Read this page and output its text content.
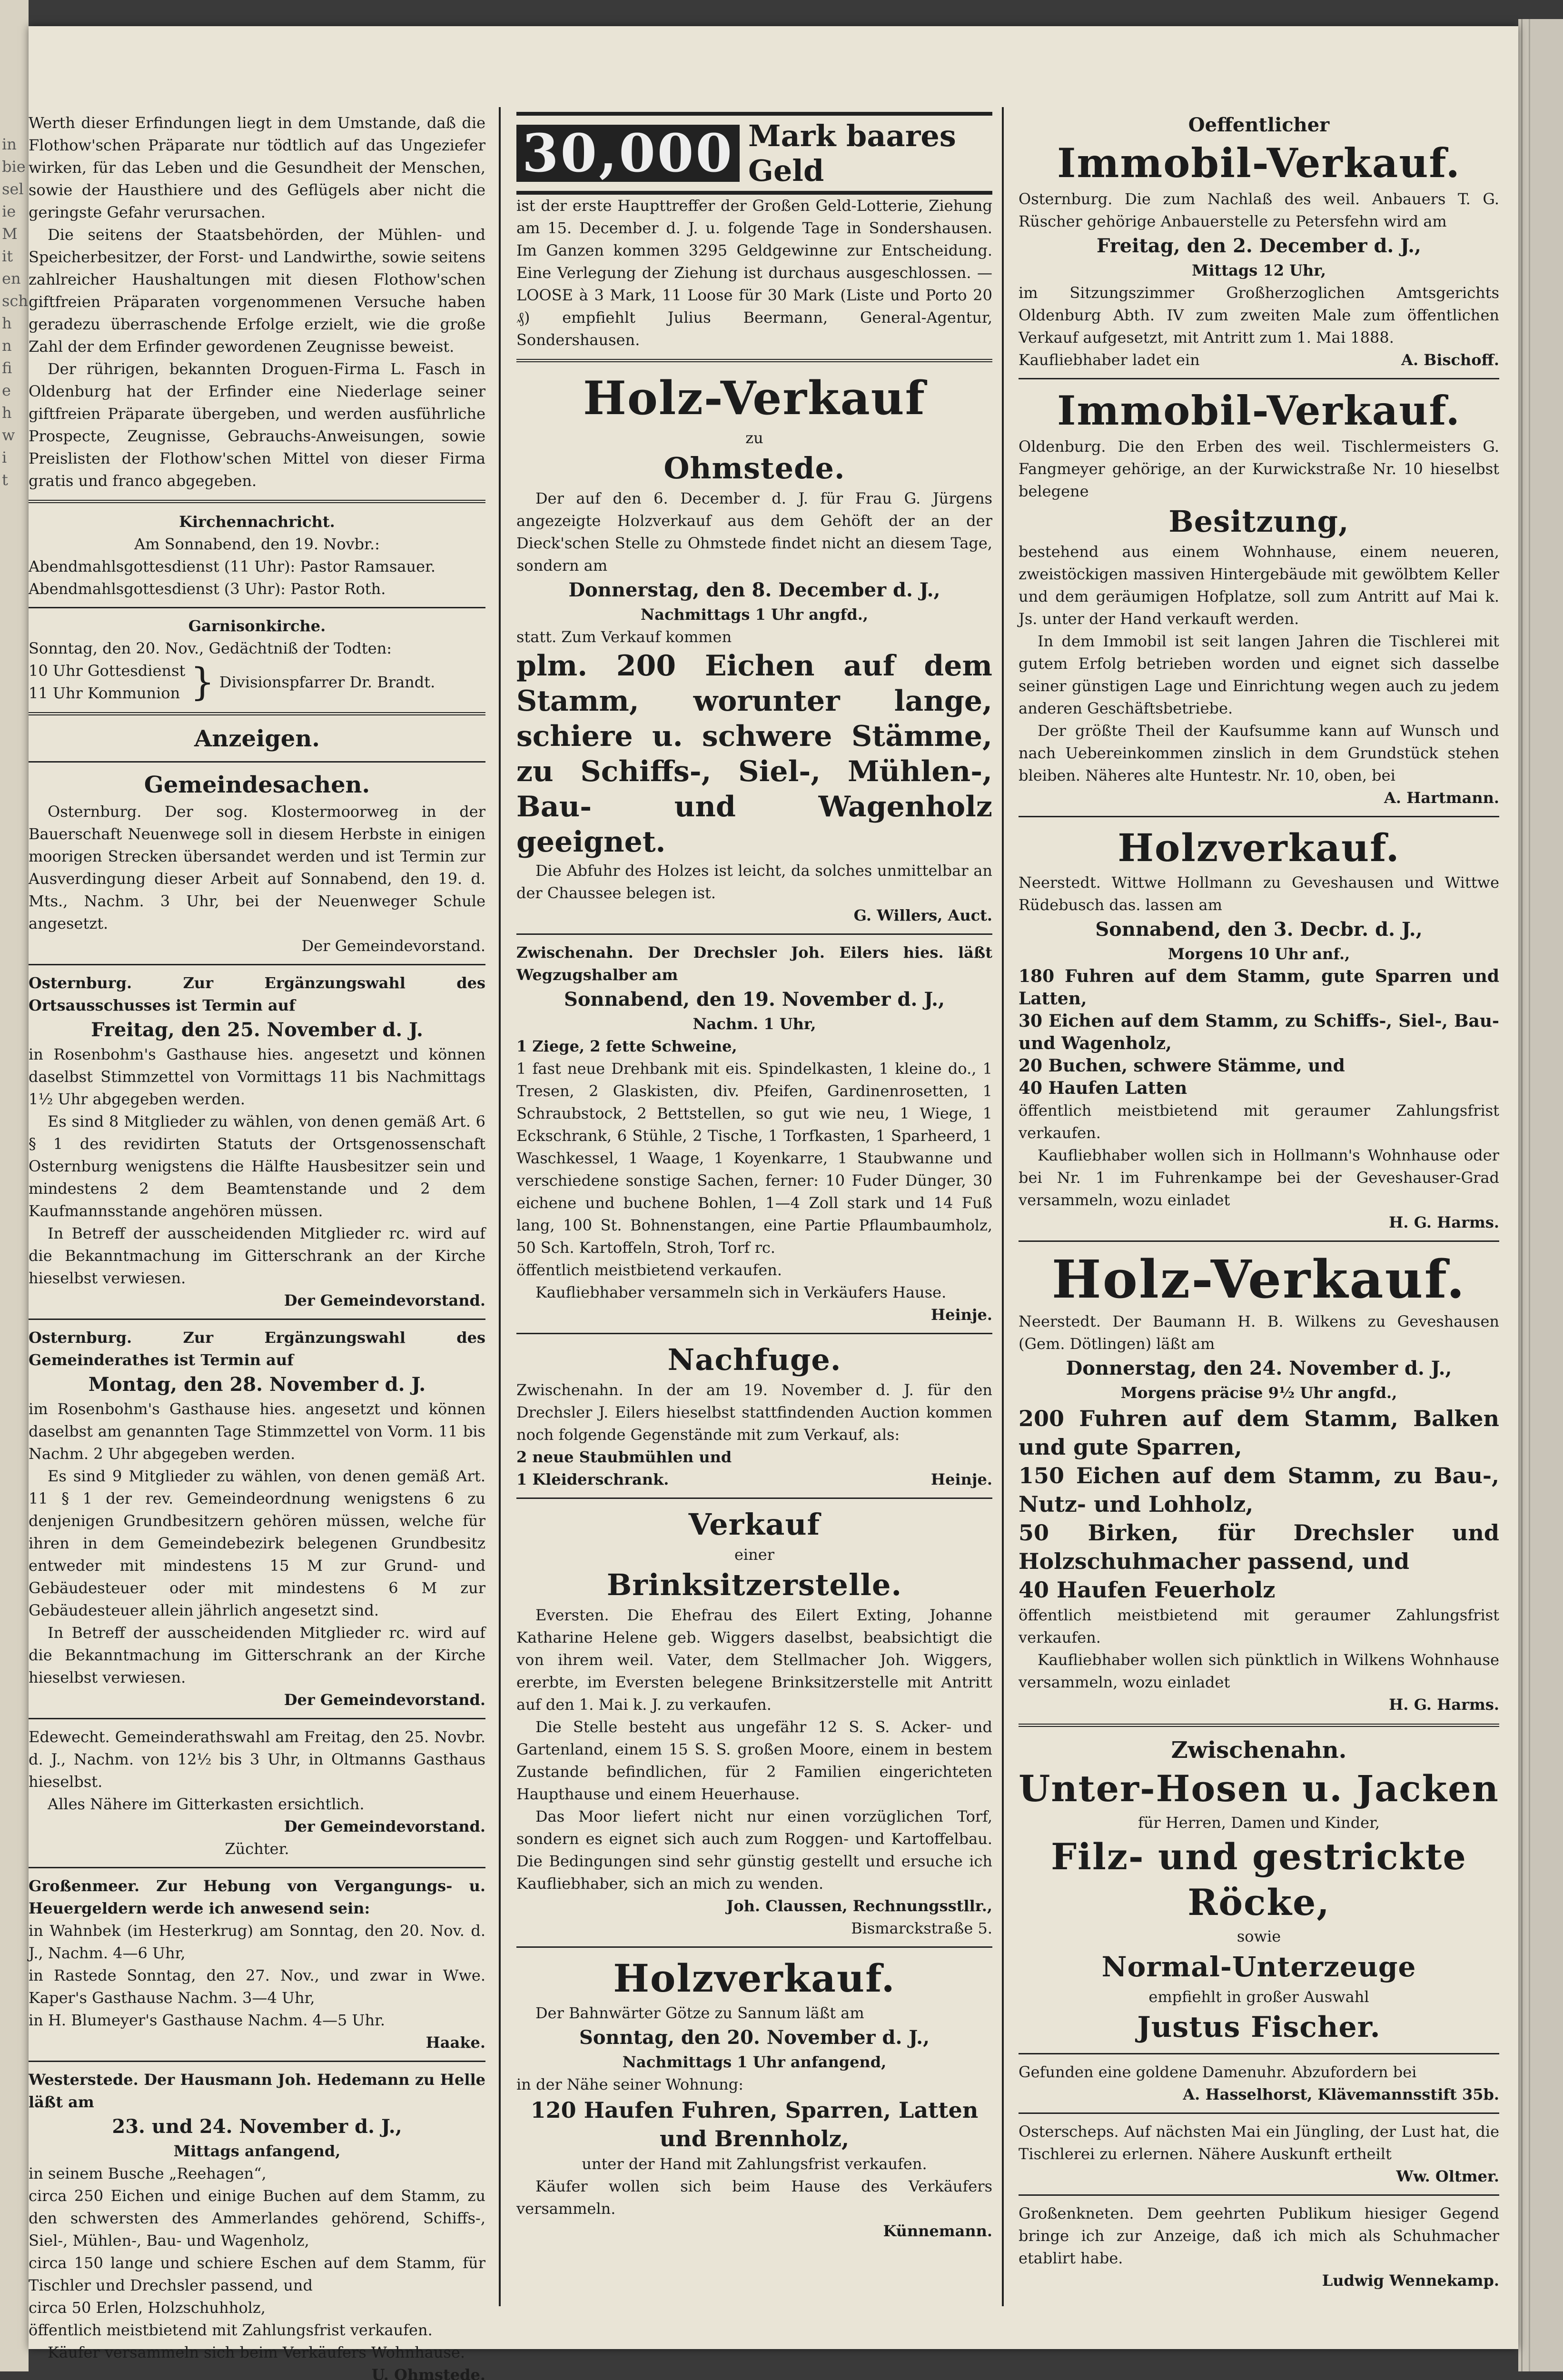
in
bie
sel
ie
M
it
en
sch
h
n
fi
e
h
w
i
t

Werth dieser Erfindungen liegt in dem Umstande, daß die Flothow'schen Präparate nur tödtlich auf das Ungeziefer wirken, für das Leben und die Gesundheit der Menschen, sowie der Hausthiere und des Geflügels aber nicht die geringste Gefahr verursachen.

Die seitens der Staatsbehörden, der Mühlen- und Speicherbesitzer, der Forst- und Landwirthe, sowie seitens zahlreicher Haushaltungen mit diesen Flothow'schen giftfreien Präparaten vorgenommenen Versuche haben geradezu überraschende Erfolge erzielt, wie die große Zahl der dem Erfinder gewordenen Zeugnisse beweist.

Der rührigen, bekannten Droguen-Firma L. Fasch in Oldenburg hat der Erfinder eine Niederlage seiner giftfreien Präparate übergeben, und werden ausführliche Prospecte, Zeugnisse, Gebrauchs-Anweisungen, sowie Preislisten der Flothow'schen Mittel von dieser Firma gratis und franco abgegeben.

Kirchennachricht.

Am Sonnabend, den 19. Novbr.:

Abendmahlsgottesdienst (11 Uhr): Pastor Ramsauer.

Abendmahlsgottesdienst (3 Uhr): Pastor Roth.

Garnisonkirche.

Sonntag, den 20. Nov., Gedächtniß der Todten:

10 Uhr Gottesdienst

11 Uhr Kommunion } Divisionspfarrer Dr. Brandt.

Anzeigen.

Gemeindesachen.

Osternburg. Der sog. Klostermoorweg in der Bauerschaft Neuenwege soll in diesem Herbste in einigen moorigen Strecken übersandet werden und ist Termin zur Ausverdingung dieser Arbeit auf Sonnabend, den 19. d. Mts., Nachm. 3 Uhr, bei der Neuenweger Schule angesetzt.

Der Gemeindevorstand.

Osternburg. Zur Ergänzungswahl des Ortsausschusses ist Termin auf

Freitag, den 25. November d. J.

in Rosenbohm's Gasthause hies. angesetzt und können daselbst Stimmzettel von Vormittags 11 bis Nachmittags 1½ Uhr abgegeben werden.

Es sind 8 Mitglieder zu wählen, von denen gemäß Art. 6 § 1 des revidirten Statuts der Ortsgenossenschaft Osternburg wenigstens die Hälfte Hausbesitzer sein und mindestens 2 dem Beamtenstande und 2 dem Kaufmannsstande angehören müssen.

In Betreff der ausscheidenden Mitglieder rc. wird auf die Bekanntmachung im Gitterschrank an der Kirche hieselbst verwiesen.

Der Gemeindevorstand.

Osternburg. Zur Ergänzungswahl des Gemeinderathes ist Termin auf

Montag, den 28. November d. J.

im Rosenbohm's Gasthause hies. angesetzt und können daselbst am genannten Tage Stimmzettel von Vorm. 11 bis Nachm. 2 Uhr abgegeben werden.

Es sind 9 Mitglieder zu wählen, von denen gemäß Art. 11 § 1 der rev. Gemeindeordnung wenigstens 6 zu denjenigen Grundbesitzern gehören müssen, welche für ihren in dem Gemeindebezirk belegenen Grundbesitz entweder mit mindestens 15 M zur Grund- und Gebäudesteuer oder mit mindestens 6 M zur Gebäudesteuer allein jährlich angesetzt sind.

In Betreff der ausscheidenden Mitglieder rc. wird auf die Bekanntmachung im Gitterschrank an der Kirche hieselbst verwiesen.

Der Gemeindevorstand.

Edewecht. Gemeinderathswahl am Freitag, den 25. Novbr. d. J., Nachm. von 12½ bis 3 Uhr, in Oltmanns Gasthaus hieselbst.

Alles Nähere im Gitterkasten ersichtlich.

Der Gemeindevorstand.

Züchter.

Großenmeer. Zur Hebung von Vergangungs- u. Heuergeldern werde ich anwesend sein:

in Wahnbek (im Hesterkrug) am Sonntag, den 20. Nov. d. J., Nachm. 4—6 Uhr,

in Rastede Sonntag, den 27. Nov., und zwar in Wwe. Kaper's Gasthause Nachm. 3—4 Uhr,

in H. Blumeyer's Gasthause Nachm. 4—5 Uhr.

Haake.

Westerstede. Der Hausmann Joh. Hedemann zu Helle läßt am

23. und 24. November d. J.,

Mittags anfangend,

in seinem Busche „Reehagen“,

circa 250 Eichen und einige Buchen auf dem Stamm, zu den schwersten des Ammerlandes gehörend, Schiffs-, Siel-, Mühlen-, Bau- und Wagenholz,

circa 150 lange und schiere Eschen auf dem Stamm, für Tischler und Drechsler passend, und

circa 50 Erlen, Holzschuhholz,

öffentlich meistbietend mit Zahlungsfrist verkaufen.

Käufer versammeln sich beim Verkäufers Wohnhause.

U. Ohmstede.

30,000 Mark baares Geld

ist der erste Haupttreffer der Großen Geld-Lotterie, Ziehung am 15. December d. J. u. folgende Tage in Sondershausen. Im Ganzen kommen 3295 Geldgewinne zur Entscheidung. Eine Verlegung der Ziehung ist durchaus ausgeschlossen. — LOOSE à 3 Mark, 11 Loose für 30 Mark (Liste und Porto 20 ₰) empfiehlt Julius Beermann, General-Agentur, Sondershausen.

Holz-Verkauf

zu

Ohmstede.

Der auf den 6. December d. J. für Frau G. Jürgens angezeigte Holzverkauf aus dem Gehöft der an der Dieck'schen Stelle zu Ohmstede findet nicht an diesem Tage, sondern am

Donnerstag, den 8. December d. J.,

Nachmittags 1 Uhr angfd.,

statt. Zum Verkauf kommen

plm. 200 Eichen auf dem Stamm, worunter lange, schiere u. schwere Stämme, zu Schiffs-, Siel-, Mühlen-, Bau- und Wagenholz geeignet.

Die Abfuhr des Holzes ist leicht, da solches unmittelbar an der Chaussee belegen ist.

G. Willers, Auct.

Zwischenahn. Der Drechsler Joh. Eilers hies. läßt Wegzugshalber am

Sonnabend, den 19. November d. J.,

Nachm. 1 Uhr,

1 Ziege, 2 fette Schweine,

1 fast neue Drehbank mit eis. Spindelkasten, 1 kleine do., 1 Tresen, 2 Glaskisten, div. Pfeifen, Gardinenrosetten, 1 Schraubstock, 2 Bettstellen, so gut wie neu, 1 Wiege, 1 Eckschrank, 6 Stühle, 2 Tische, 1 Torfkasten, 1 Sparheerd, 1 Waschkessel, 1 Waage, 1 Koyenkarre, 1 Staubwanne und verschiedene sonstige Sachen, ferner: 10 Fuder Dünger, 30 eichene und buchene Bohlen, 1—4 Zoll stark und 14 Fuß lang, 100 St. Bohnenstangen, eine Partie Pflaumbaumholz, 50 Sch. Kartoffeln, Stroh, Torf rc.

öffentlich meistbietend verkaufen.

Kaufliebhaber versammeln sich in Verkäufers Hause.

Heinje.

Nachfuge.

Zwischenahn. In der am 19. November d. J. für den Drechsler J. Eilers hieselbst stattfindenden Auction kommen noch folgende Gegenstände mit zum Verkauf, als:

2 neue Staubmühlen und

1 Kleiderschrank.	Heinje.

Verkauf

einer

Brinksitzerstelle.

Eversten. Die Ehefrau des Eilert Exting, Johanne Katharine Helene geb. Wiggers daselbst, beabsichtigt die von ihrem weil. Vater, dem Stellmacher Joh. Wiggers, ererbte, im Eversten belegene Brinksitzerstelle mit Antritt auf den 1. Mai k. J. zu verkaufen.

Die Stelle besteht aus ungefähr 12 S. S. Acker- und Gartenland, einem 15 S. S. großen Moore, einem in bestem Zustande befindlichen, für 2 Familien eingerichteten Haupthause und einem Heuerhause.

Das Moor liefert nicht nur einen vorzüglichen Torf, sondern es eignet sich auch zum Roggen- und Kartoffelbau. Die Bedingungen sind sehr günstig gestellt und ersuche ich Kaufliebhaber, sich an mich zu wenden.

Joh. Claussen, Rechnungsstllr.,

Bismarckstraße 5.

Holzverkauf.

Der Bahnwärter Götze zu Sannum läßt am

Sonntag, den 20. November d. J.,

Nachmittags 1 Uhr anfangend,

in der Nähe seiner Wohnung:

120 Haufen Fuhren, Sparren, Latten und Brennholz,

unter der Hand mit Zahlungsfrist verkaufen.

Käufer wollen sich beim Hause des Verkäufers versammeln.

Künnemann.

Oeffentlicher

Immobil-Verkauf.

Osternburg. Die zum Nachlaß des weil. Anbauers T. G. Rüscher gehörige Anbauerstelle zu Petersfehn wird am

Freitag, den 2. December d. J.,

Mittags 12 Uhr,

im Sitzungszimmer Großherzoglichen Amtsgerichts Oldenburg Abth. IV zum zweiten Male zum öffentlichen Verkauf aufgesetzt, mit Antritt zum 1. Mai 1888.

Kaufliebhaber ladet ein	A. Bischoff.

Immobil-Verkauf.

Oldenburg. Die den Erben des weil. Tischlermeisters G. Fangmeyer gehörige, an der Kurwickstraße Nr. 10 hieselbst belegene

Besitzung,

bestehend aus einem Wohnhause, einem neueren, zweistöckigen massiven Hintergebäude mit gewölbtem Keller und dem geräumigen Hofplatze, soll zum Antritt auf Mai k. Js. unter der Hand verkauft werden.

In dem Immobil ist seit langen Jahren die Tischlerei mit gutem Erfolg betrieben worden und eignet sich dasselbe seiner günstigen Lage und Einrichtung wegen auch zu jedem anderen Geschäftsbetriebe.

Der größte Theil der Kaufsumme kann auf Wunsch und nach Uebereinkommen zinslich in dem Grundstück stehen bleiben. Näheres alte Huntestr. Nr. 10, oben, bei

A. Hartmann.

Holzverkauf.

Neerstedt. Wittwe Hollmann zu Geveshausen und Wittwe Rüdebusch das. lassen am

Sonnabend, den 3. Decbr. d. J.,

Morgens 10 Uhr anf.,

180 Fuhren auf dem Stamm, gute Sparren und Latten,

30 Eichen auf dem Stamm, zu Schiffs-, Siel-, Bau- und Wagenholz,

20 Buchen, schwere Stämme, und

40 Haufen Latten

öffentlich meistbietend mit geraumer Zahlungsfrist verkaufen.

Kaufliebhaber wollen sich in Hollmann's Wohnhause oder bei Nr. 1 im Fuhrenkampe bei der Geveshauser-Grad versammeln, wozu einladet

H. G. Harms.

Holz-Verkauf.

Neerstedt. Der Baumann H. B. Wilkens zu Geveshausen (Gem. Dötlingen) läßt am

Donnerstag, den 24. November d. J.,

Morgens präcise 9½ Uhr angfd.,

200 Fuhren auf dem Stamm, Balken und gute Sparren,

150 Eichen auf dem Stamm, zu Bau-, Nutz- und Lohholz,

50 Birken, für Drechsler und Holzschuhmacher passend, und

40 Haufen Feuerholz

öffentlich meistbietend mit geraumer Zahlungsfrist verkaufen.

Kaufliebhaber wollen sich pünktlich in Wilkens Wohnhause versammeln, wozu einladet

H. G. Harms.

Zwischenahn.

Unter-Hosen u. Jacken

für Herren, Damen und Kinder,

Filz- und gestrickte Röcke,

sowie

Normal-Unterzeuge

empfiehlt in großer Auswahl

Justus Fischer.

Gefunden eine goldene Damenuhr. Abzufordern bei

A. Hasselhorst, Klävemannsstift 35b.

Osterscheps. Auf nächsten Mai ein Jüngling, der Lust hat, die Tischlerei zu erlernen. Nähere Auskunft ertheilt

Ww. Oltmer.

Großenkneten. Dem geehrten Publikum hiesiger Gegend bringe ich zur Anzeige, daß ich mich als Schuhmacher etablirt habe.

Ludwig Wennekamp.
